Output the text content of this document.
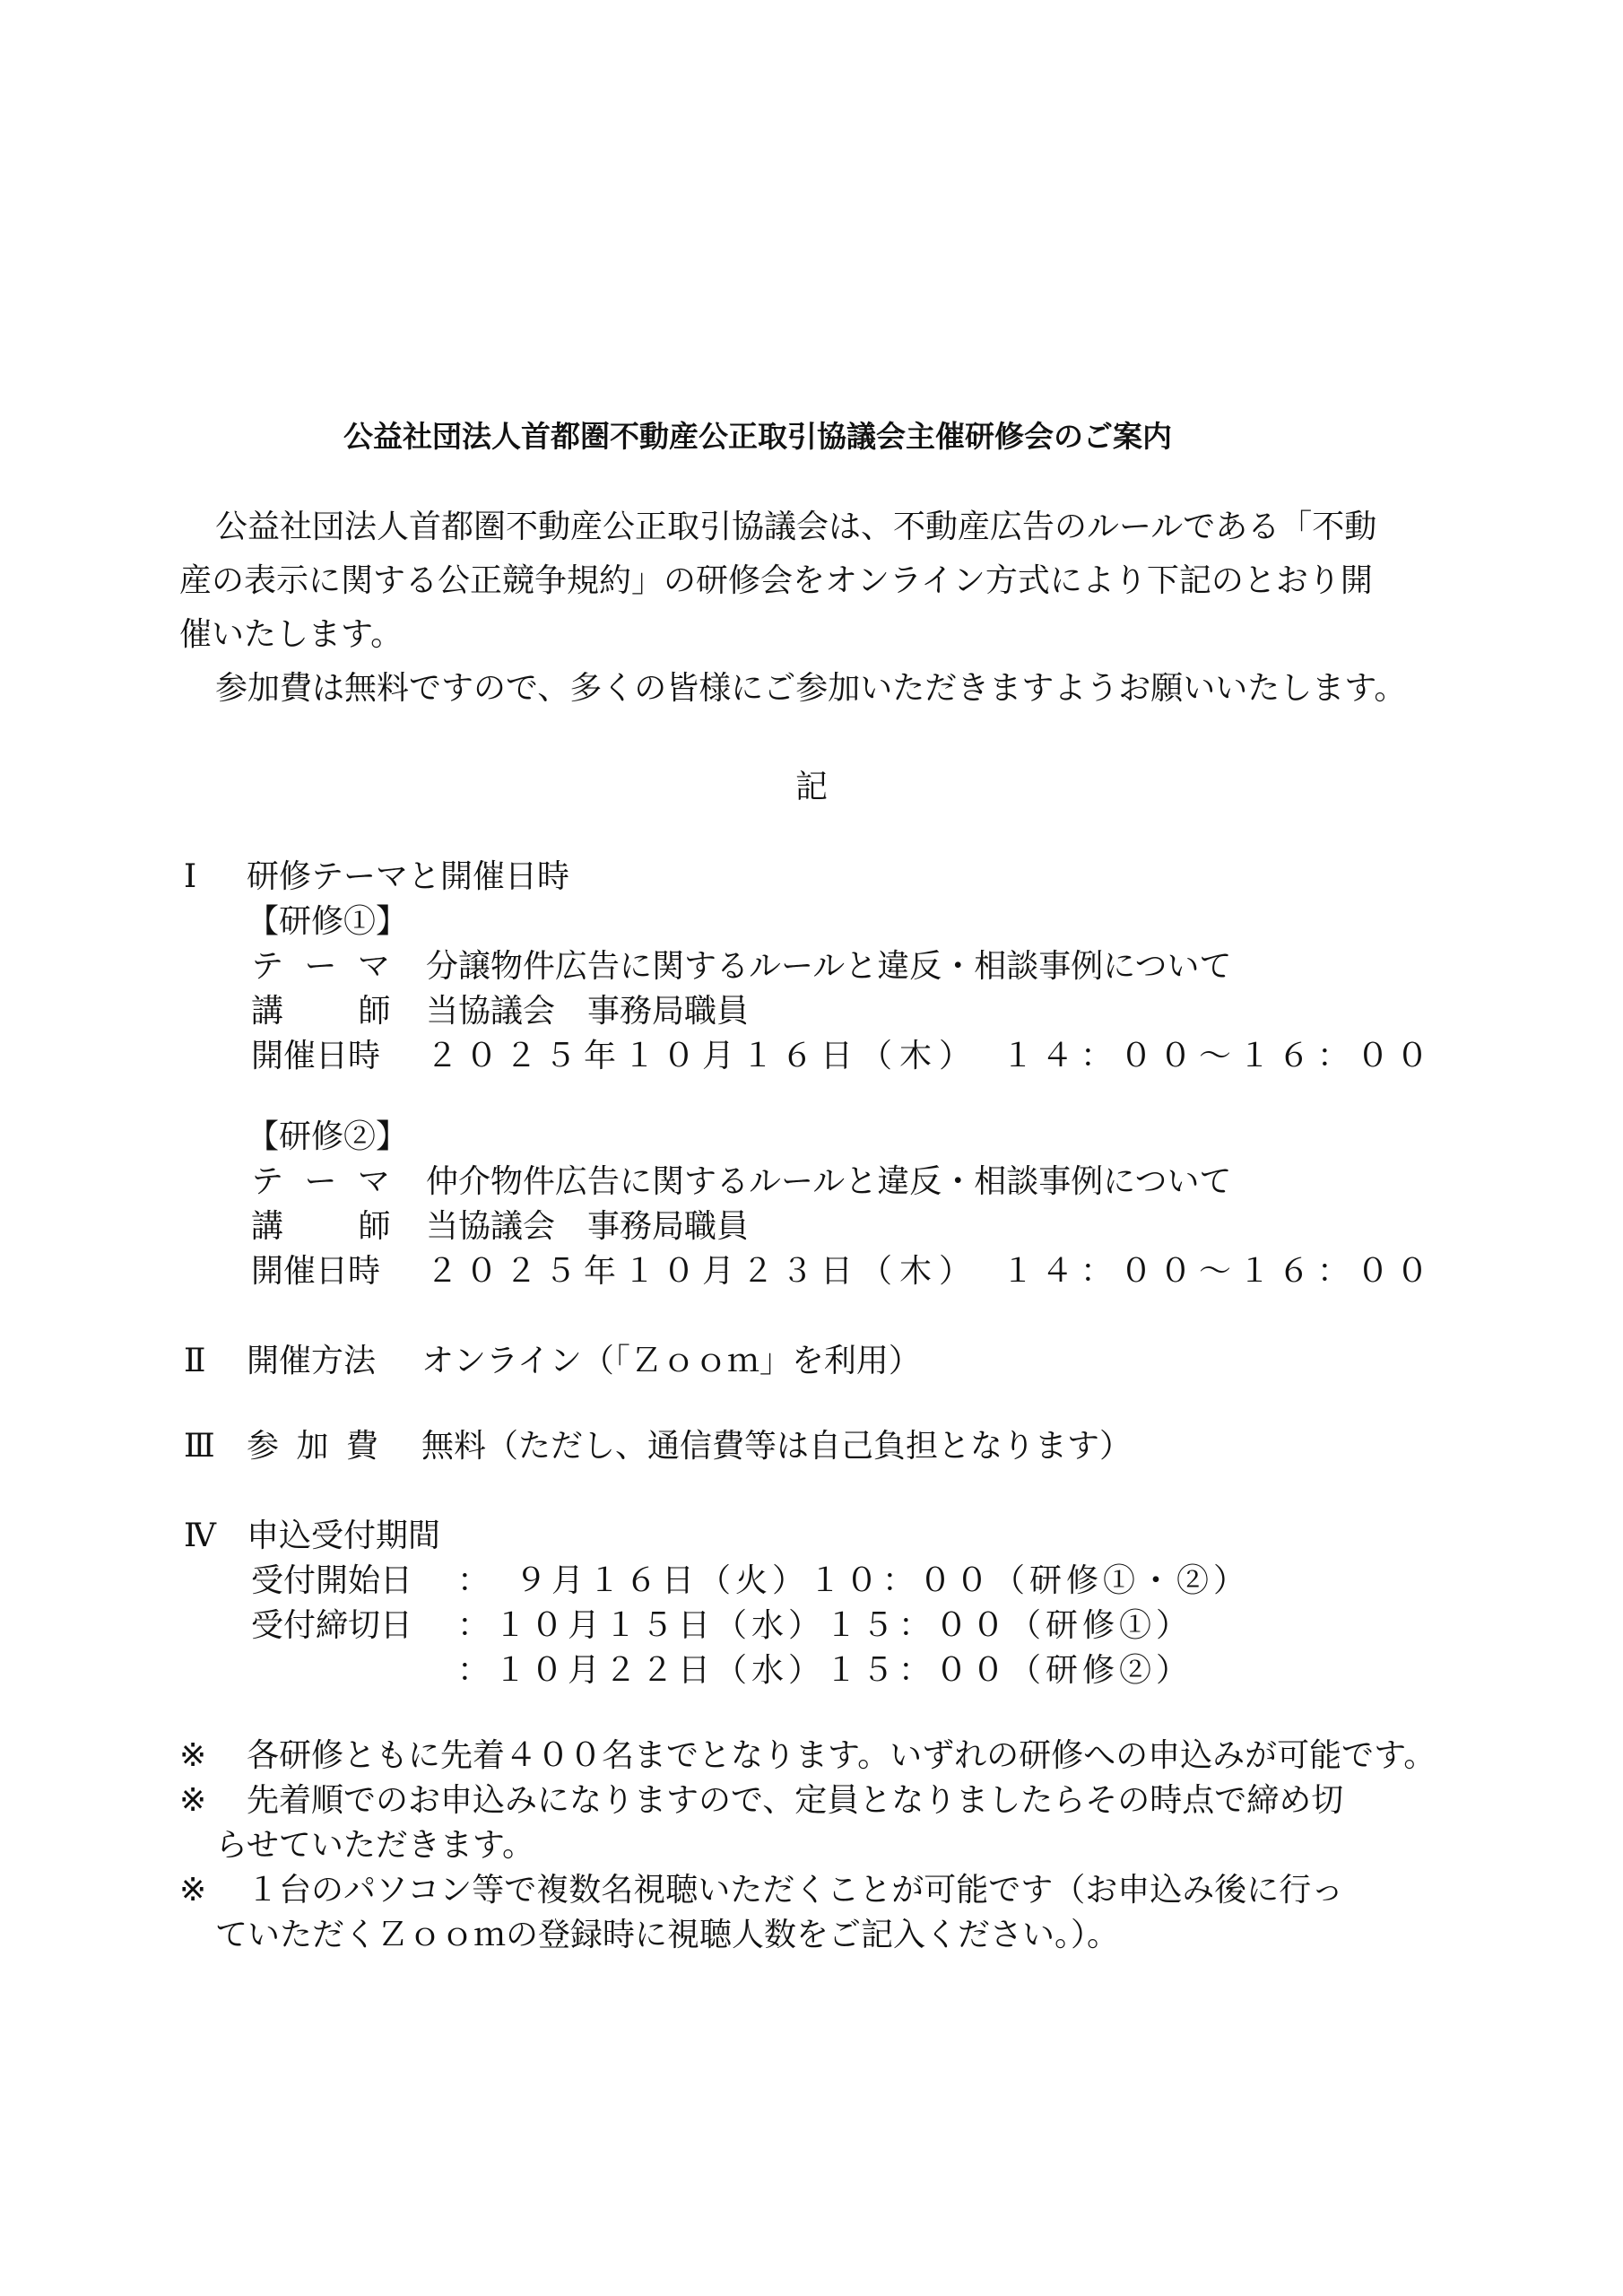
公益社団法人首都圏不動産公正取引協議会主催研修会のご案内
公益社団法人首都圏不動産公正取引協議会は、不動産広告のルールである「不動
産の表示に関する公正競争規約」の研修会をオンライン方式により下記のとおり開
催いたします。
参加費は無料ですので、多くの皆様にご参加いただきますようお願いいたします。
記
Ⅰ 研修テーマと開催日時
【研修①】
テ ー マ 分譲物件広告に関するルールと違反・相談事例について
講 師当協議会　事務局職員
開催日時 ２０２５年１０月１６日（木）　１４：００～１６：００
【研修②】
テ ー マ 仲介物件広告に関するルールと違反・相談事例について
講 師当協議会　事務局職員
開催日時 ２０２５年１０月２３日（木）　１４：００～１６：００
Ⅱ 開催方法 オンライン（「Ｚｏｏｍ」を利用）
Ⅲ 参 加 費 無料（ただし、通信費等は自己負担となります）
Ⅳ 申込受付期間
受付開始日 ：　９月１６日（火）１０：００（研修①・②）
受付締切日 ：１０月１５日（水）１５：００（研修①）
：１０月２２日（水）１５：００（研修②）
※ 各研修ともに先着４００名までとなります。いずれの研修への申込みが可能です。
※ 先着順でのお申込みになりますので、定員となりましたらその時点で締め切
らせていただきます。
※ １台のパソコン等で複数名視聴いただくことが可能です（お申込み後に行っ
ていただくＺｏｏｍの登録時に視聴人数をご記入ください。）。
